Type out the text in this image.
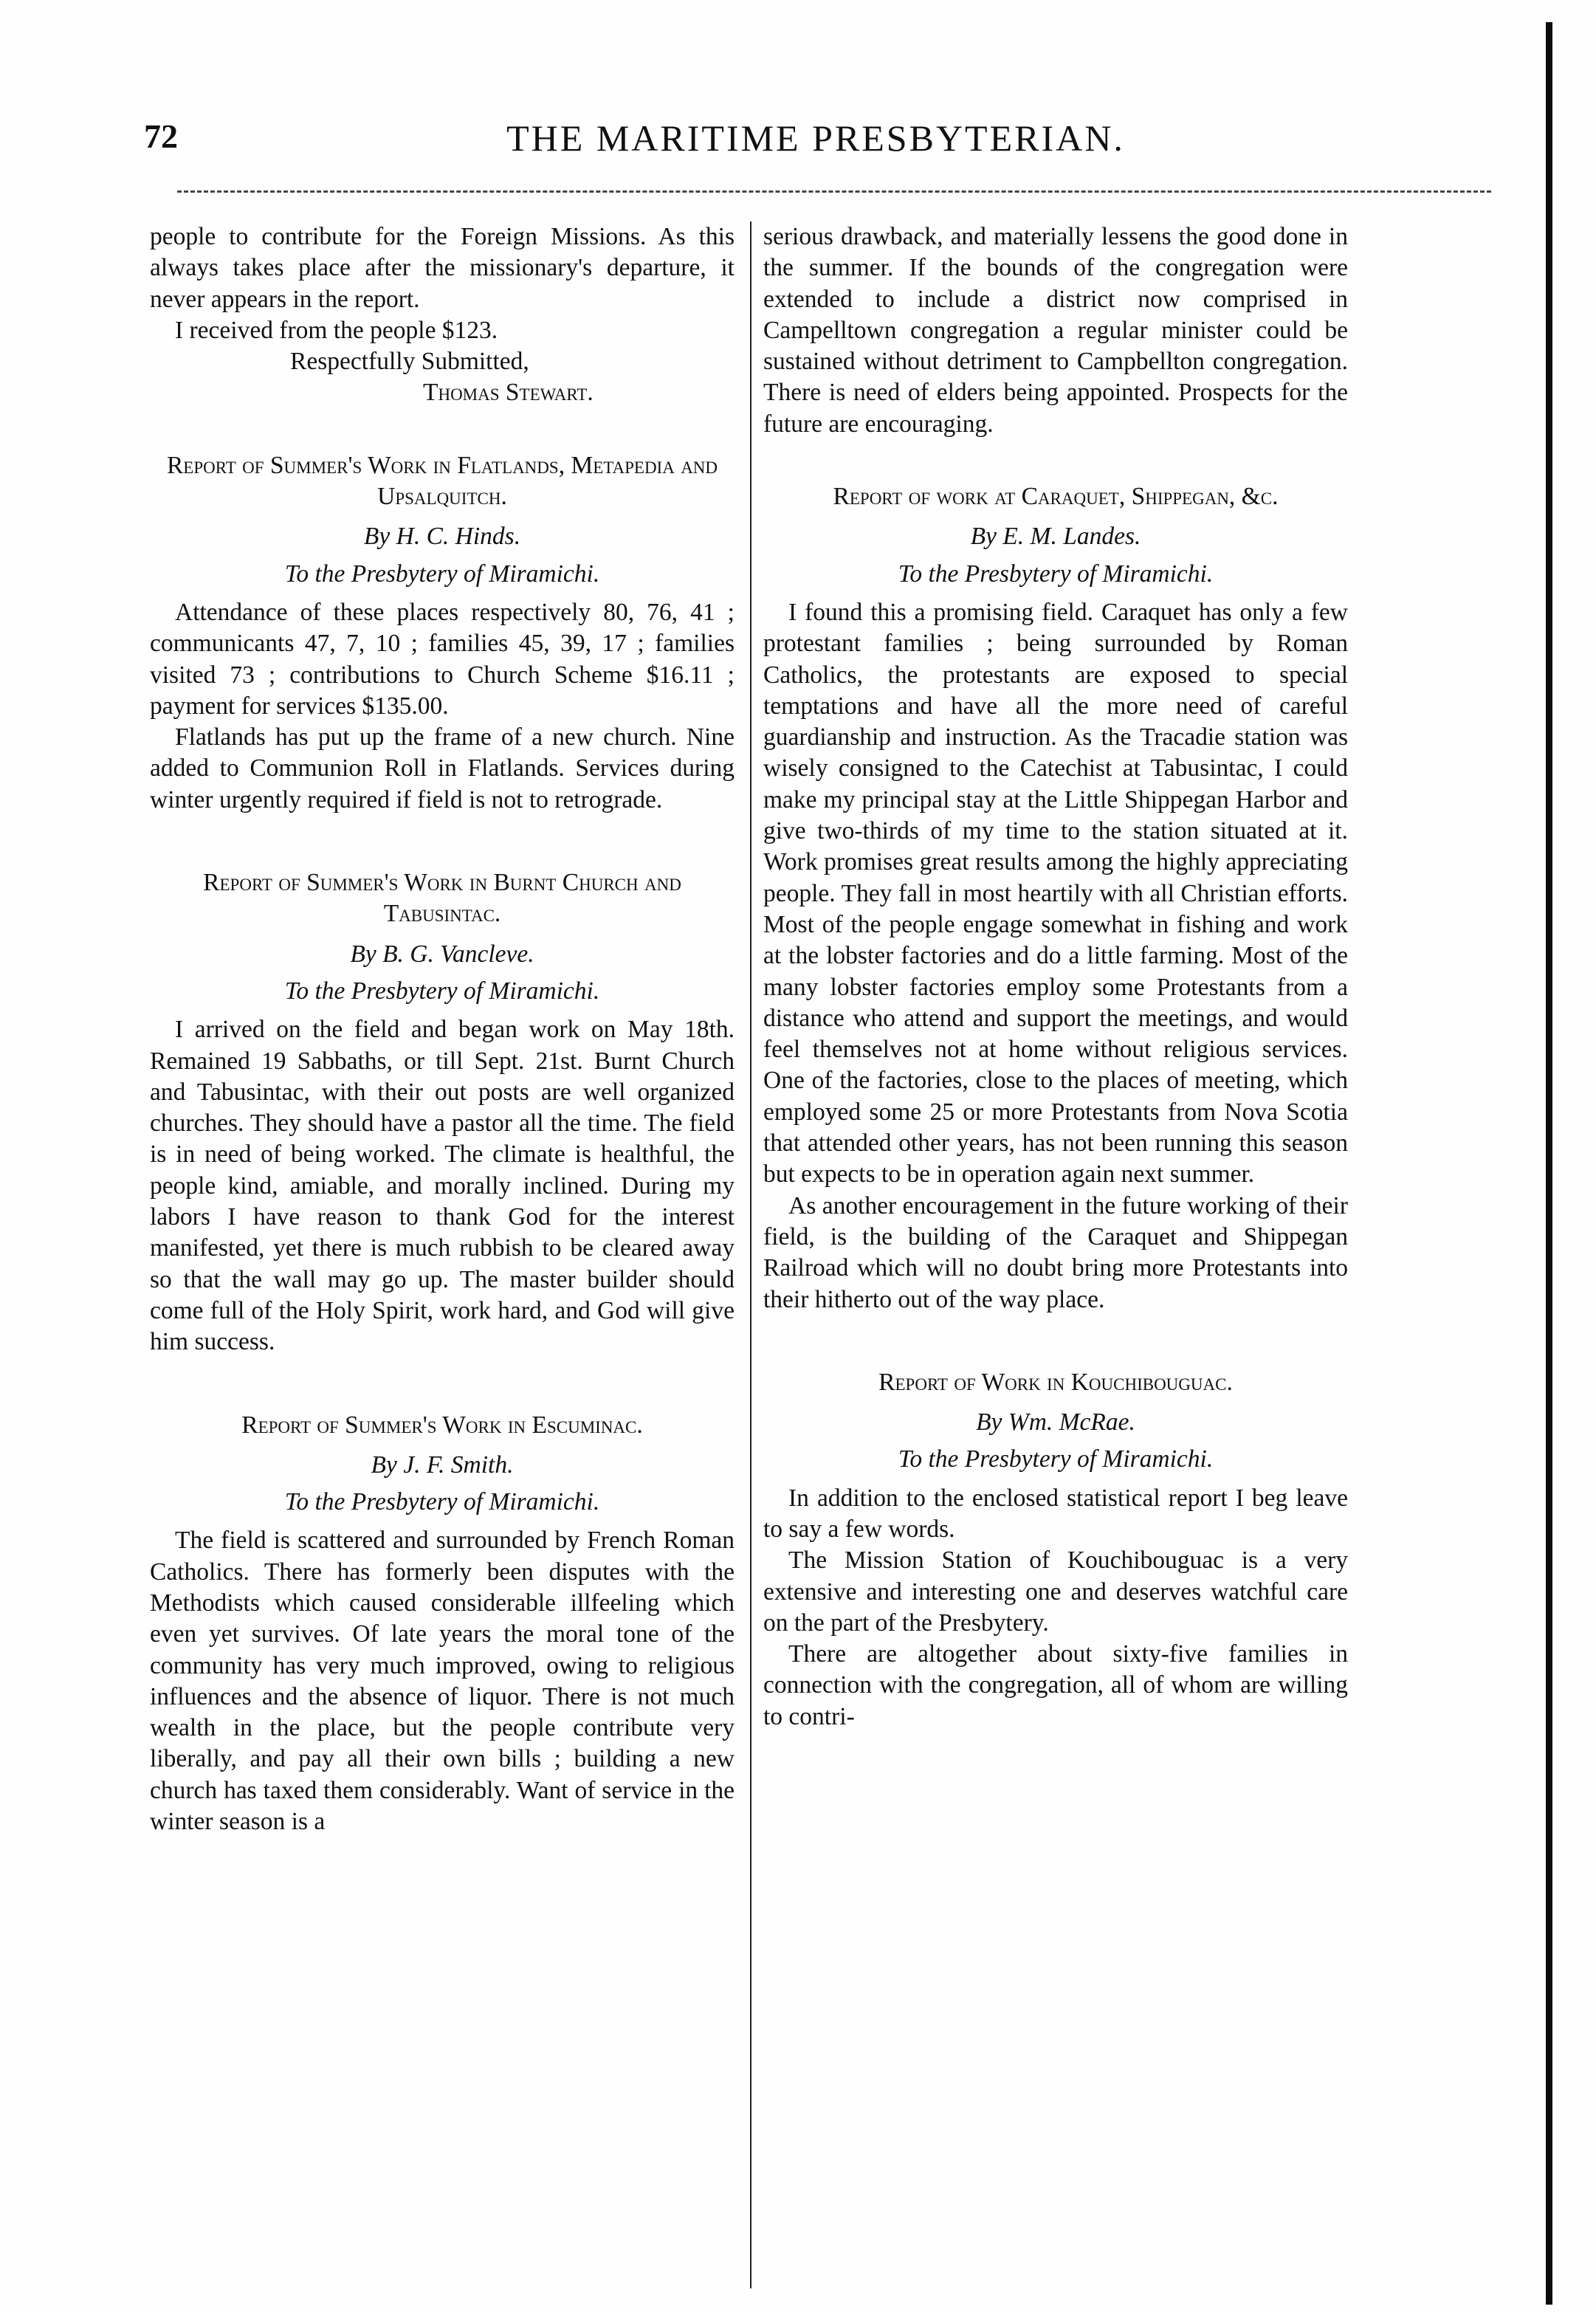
72	THE MARITIME PRESBYTERIAN.

people to contribute for the Foreign Missions. As this always takes place after the missionary's departure, it never appears in the report.

I received from the people $123.

Respectfully Submitted,

Thomas Stewart.

Report of Summer's Work in Flatlands, Metapedia and Upsalquitch.
By H. C. Hinds.
To the Presbytery of Miramichi.

Attendance of these places respectively 80, 76, 41 ; communicants 47, 7, 10 ; families 45, 39, 17 ; families visited 73 ; contributions to Church Scheme $16.11 ; payment for services $135.00.

Flatlands has put up the frame of a new church. Nine added to Communion Roll in Flatlands. Services during winter urgently required if field is not to retrograde.

Report of Summer's Work in Burnt Church and Tabusintac.
By B. G. Vancleve.
To the Presbytery of Miramichi.

I arrived on the field and began work on May 18th. Remained 19 Sabbaths, or till Sept. 21st. Burnt Church and Tabusintac, with their out posts are well organized churches. They should have a pastor all the time. The field is in need of being worked. The climate is healthful, the people kind, amiable, and morally inclined. During my labors I have reason to thank God for the interest manifested, yet there is much rubbish to be cleared away so that the wall may go up. The master builder should come full of the Holy Spirit, work hard, and God will give him success.

Report of Summer's Work in Escuminac.
By J. F. Smith.
To the Presbytery of Miramichi.

The field is scattered and surrounded by French Roman Catholics. There has formerly been disputes with the Methodists which caused considerable illfeeling which even yet survives. Of late years the moral tone of the community has very much improved, owing to religious influences and the absence of liquor. There is not much wealth in the place, but the people contribute very liberally, and pay all their own bills ; building a new church has taxed them considerably. Want of service in the winter season is a

serious drawback, and materially lessens the good done in the summer. If the bounds of the congregation were extended to include a district now comprised in Campelltown congregation a regular minister could be sustained without detriment to Campbellton congregation. There is need of elders being appointed. Prospects for the future are encouraging.

Report of work at Caraquet, Shippegan, &c.
By E. M. Landes.
To the Presbytery of Miramichi.

I found this a promising field. Caraquet has only a few protestant families ; being surrounded by Roman Catholics, the protestants are exposed to special temptations and have all the more need of careful guardianship and instruction. As the Tracadie station was wisely consigned to the Catechist at Tabusintac, I could make my principal stay at the Little Shippegan Harbor and give two-thirds of my time to the station situated at it. Work promises great results among the highly appreciating people. They fall in most heartily with all Christian efforts. Most of the people engage somewhat in fishing and work at the lobster factories and do a little farming. Most of the many lobster factories employ some Protestants from a distance who attend and support the meetings, and would feel themselves not at home without religious services. One of the factories, close to the places of meeting, which employed some 25 or more Protestants from Nova Scotia that attended other years, has not been running this season but expects to be in operation again next summer.

As another encouragement in the future working of their field, is the building of the Caraquet and Shippegan Railroad which will no doubt bring more Protestants into their hitherto out of the way place.

Report of Work in Kouchibouguac.
By Wm. McRae.
To the Presbytery of Miramichi.

In addition to the enclosed statistical report I beg leave to say a few words.

The Mission Station of Kouchibouguac is a very extensive and interesting one and deserves watchful care on the part of the Presbytery.

There are altogether about sixty-five families in connection with the congregation, all of whom are willing to contri-
